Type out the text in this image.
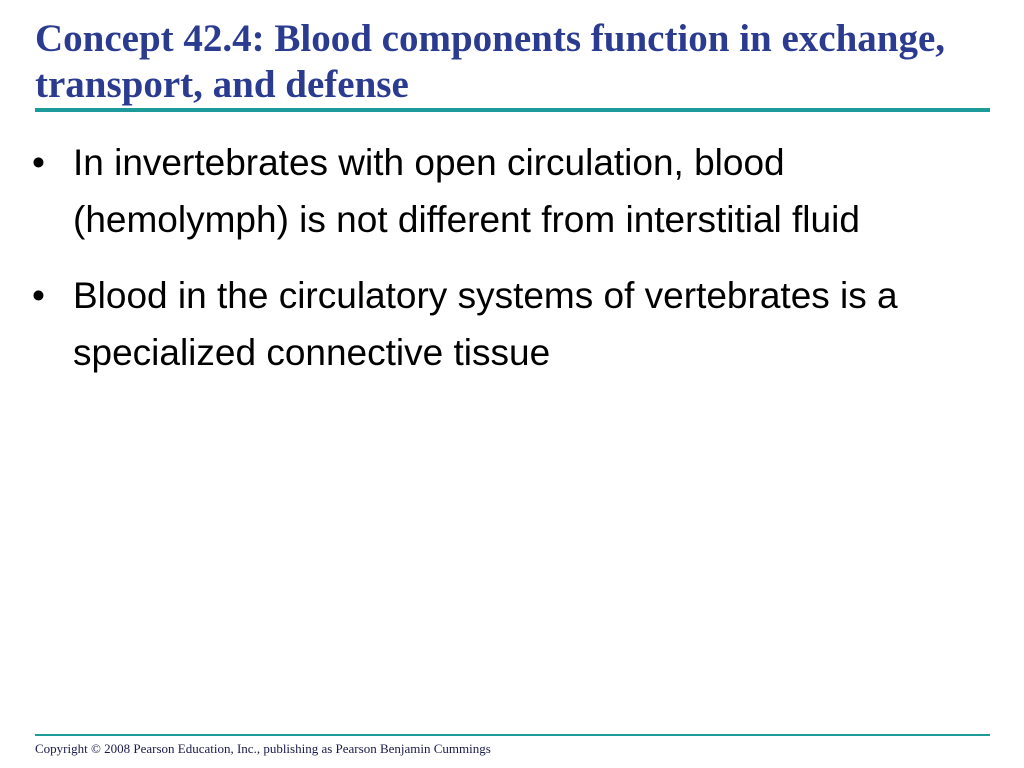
Concept 42.4: Blood components function in exchange, transport, and defense
• In invertebrates with open circulation, blood (hemolymph) is not different from interstitial fluid
• Blood in the circulatory systems of vertebrates is a specialized connective tissue
Copyright © 2008 Pearson Education, Inc., publishing as Pearson Benjamin Cummings
